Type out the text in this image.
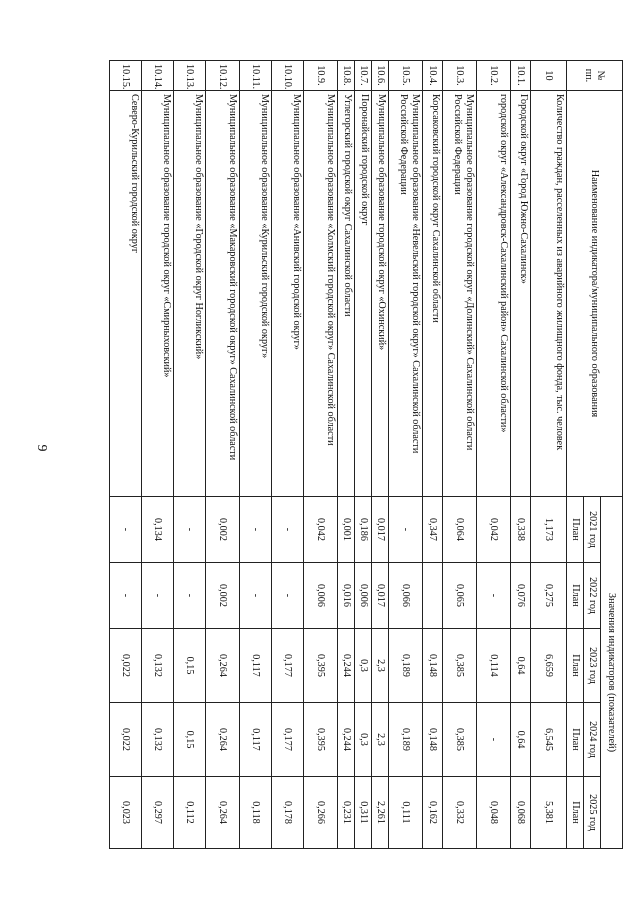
9
№ пп.	Наименование индикатора/муниципального образования	Значения индикаторов (показателей)				
		2021 год	2022 год	2023 год	2024 год	2025 год
		План	План	План	План	План
10	Количество граждан, расселенных из аварийного жилищного фонда, тыс. человек	1,173	0,275	6,659	6,545	5,381
10.1.	Городской округ «Город Южно-Сахалинск»	0,338	0,076	0,64	0,64	0,068
10.2.	городской округ «Александровск-Сахалинский район» Сахалинской области»	0,042	-	0,114	-	0,048
10.3.	Муниципальное образование городской округ «Долинский» Сахалинской области Российской Федерации	0,064	0,065	0,385	0,385	0,332
10.4.	Корсаковский городской округ Сахалинской области	0,347		0,148	0,148	0,162
10.5.	Муниципальное образование «Невельский городской округ» Сахалинской области Российской Федерации	-	0,066	0,189	0,189	0,111
10.6.	Муниципальное образование городской округ «Охинский»	0,017	0,017	2,3	2,3	2,261
10.7.	Поронайский городской округ	0,186	0,006	0,3	0,3	0,311
10.8.	Углегорский городской округ Сахалинской области	0,001	0,016	0,244	0,244	0,231
10.9.	Муниципальное образование «Холмский городской округ» Сахалинской области	0,042	0,006	0,395	0,395	0,266
10.10.	Муниципальное образование «Анивский городской округ»	-	-	0,177	0,177	0,178
10.11.	Муниципальное образование «Курильский городской округ»	-	-	0,117	0,117	0,118
10.12.	Муниципальное образование «Макаровский городской округ» Сахалинской области	0,002	0,002	0,264	0,264	0,264
10.13.	Муниципальное образование «Городской округ Ногликский»	-	-	0,15	0,15	0,112
10.14.	Муниципальное образование городской округ «Смирныховский»	0,134	-	0,132	0,132	0,297
10.15.	Северо-Курильский городской округ	-	-	0,022	0,022	0,023
